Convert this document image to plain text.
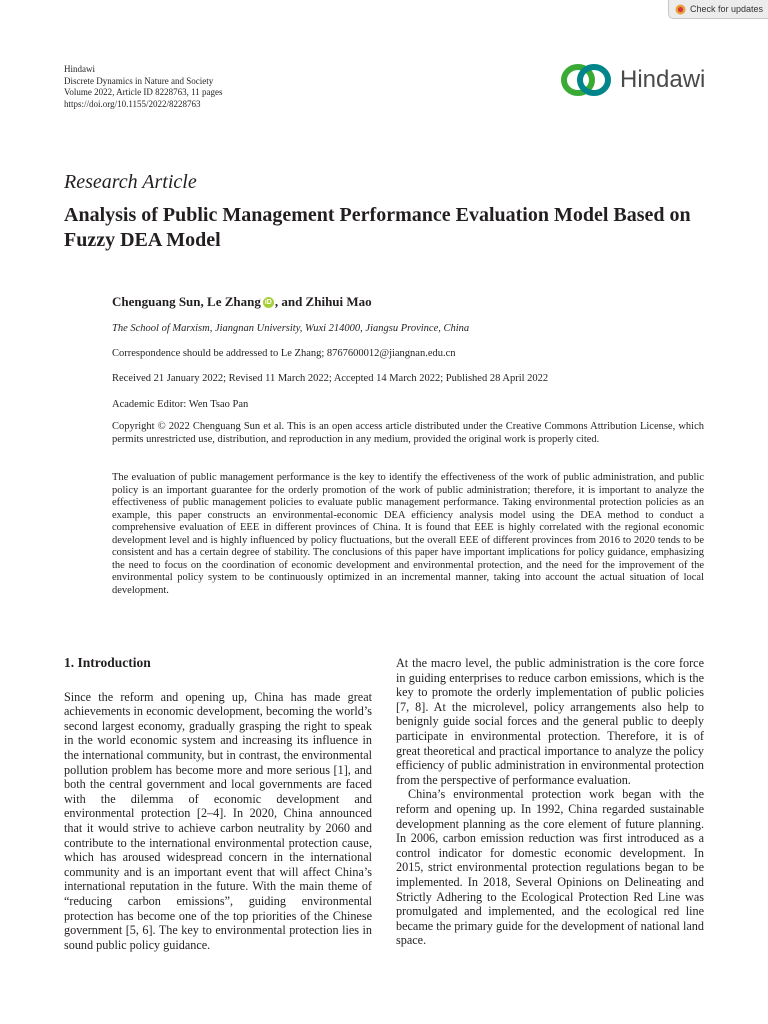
Check for updates
Hindawi
Discrete Dynamics in Nature and Society
Volume 2022, Article ID 8228763, 11 pages
https://doi.org/10.1155/2022/8228763
Hindawi
Research Article
Analysis of Public Management Performance Evaluation Model Based on Fuzzy DEA Model
Chenguang Sun, Le Zhang iD , and Zhihui Mao
The School of Marxism, Jiangnan University, Wuxi 214000, Jiangsu Province, China
Correspondence should be addressed to Le Zhang; 8767600012@jiangnan.edu.cn
Received 21 January 2022; Revised 11 March 2022; Accepted 14 March 2022; Published 28 April 2022
Academic Editor: Wen Tsao Pan
Copyright © 2022 Chenguang Sun et al. This is an open access article distributed under the Creative Commons Attribution License, which permits unrestricted use, distribution, and reproduction in any medium, provided the original work is properly cited.
The evaluation of public management performance is the key to identify the effectiveness of the work of public administration, and public policy is an important guarantee for the orderly promotion of the work of public administration; therefore, it is important to analyze the effectiveness of public management policies to evaluate public management performance. Taking environmental protection policies as an example, this paper constructs an environmental-economic DEA efficiency analysis model using the DEA method to conduct a comprehensive evaluation of EEE in different provinces of China. It is found that EEE is highly correlated with the regional economic development level and is highly influenced by policy fluctuations, but the overall EEE of different provinces from 2016 to 2020 tends to be consistent and has a certain degree of stability. The conclusions of this paper have important implications for policy guidance, emphasizing the need to focus on the coordination of economic development and environmental protection, and the need for the improvement of the environmental policy system to be continuously optimized in an incremental manner, taking into account the actual situation of local development.
1. Introduction

Since the reform and opening up, China has made great achievements in economic development, becoming the world’s second largest economy, gradually grasping the right to speak in the world economic system and increasing its influence in the international community, but in contrast, the environmental pollution problem has become more and more serious [1], and both the central government and local governments are faced with the dilemma of economic development and environmental protection [2–4]. In 2020, China announced that it would strive to achieve carbon neutrality by 2060 and contribute to the international environmental protection cause, which has aroused widespread concern in the international community and is an important event that will affect China’s international reputation in the future. With the main theme of “reducing carbon emissions”, guiding environmental protection has become one of the top priorities of the Chinese government [5, 6]. The key to environmental protection lies in sound public policy guidance.

At the macro level, the public administration is the core force in guiding enterprises to reduce carbon emissions, which is the key to promote the orderly implementation of public policies [7, 8]. At the microlevel, policy arrangements also help to benignly guide social forces and the general public to deeply participate in environmental protection. Therefore, it is of great theoretical and practical importance to analyze the policy efficiency of public administration in environmental protection from the perspective of performance evaluation.

China’s environmental protection work began with the reform and opening up. In 1992, China regarded sustainable development planning as the core element of future planning. In 2006, carbon emission reduction was first introduced as a control indicator for domestic economic development. In 2015, strict environmental protection regulations began to be implemented. In 2018, Several Opinions on Delineating and Strictly Adhering to the Ecological Protection Red Line was promulgated and implemented, and the ecological red line became the primary guide for the development of national land space.
